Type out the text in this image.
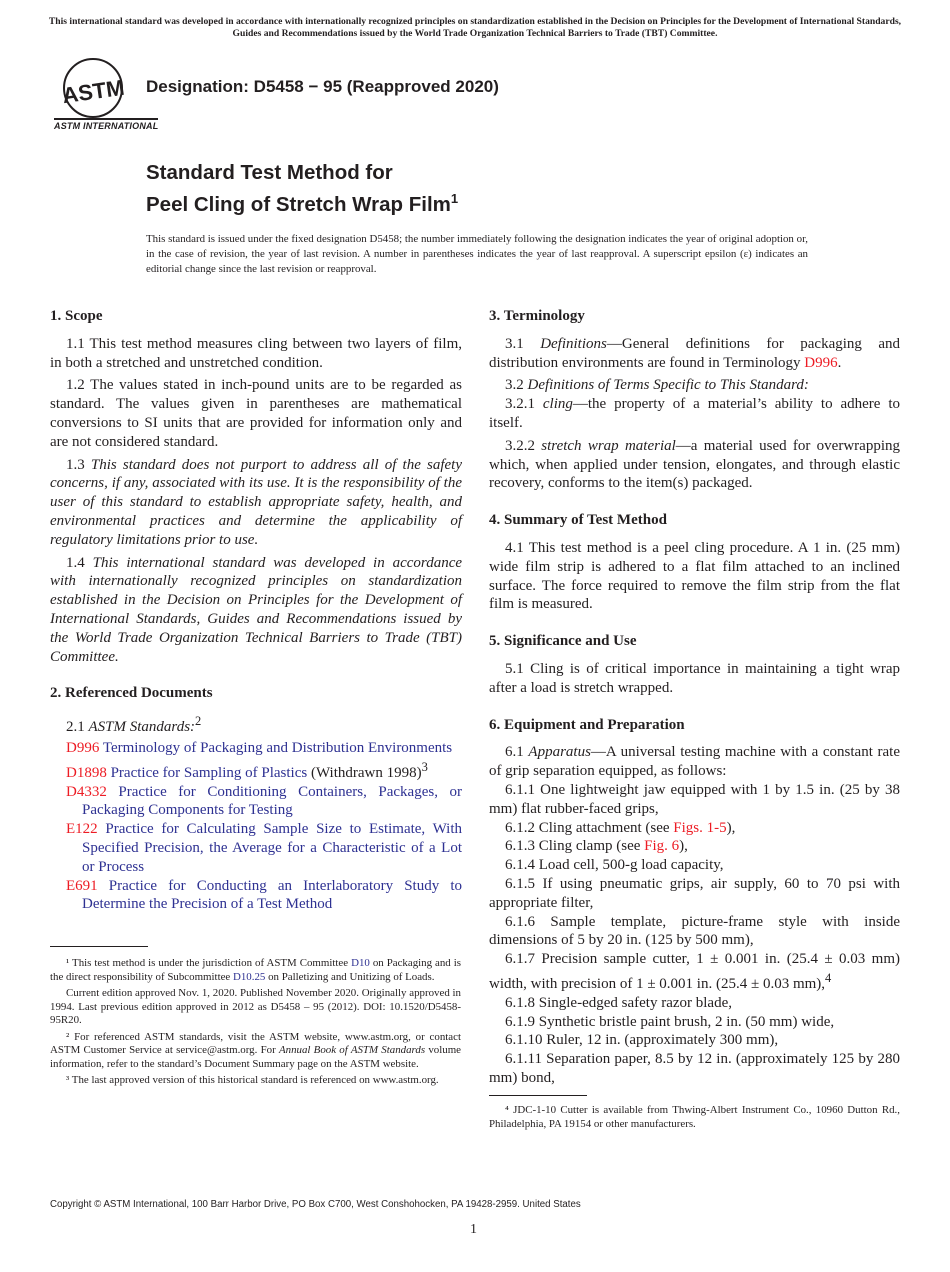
This international standard was developed in accordance with internationally recognized principles on standardization established in the Decision on Principles for the Development of International Standards, Guides and Recommendations issued by the World Trade Organization Technical Barriers to Trade (TBT) Committee.
ASTM
ASTM INTERNATIONAL
Designation: D5458 − 95 (Reapproved 2020)
Standard Test Method for
Peel Cling of Stretch Wrap Film$^1$
This standard is issued under the fixed designation D5458; the number immediately following the designation indicates the year of original adoption or, in the case of revision, the year of last revision. A number in parentheses indicates the year of last reapproval. A superscript epsilon (ε) indicates an editorial change since the last revision or reapproval.
1. Scope

1.1 This test method measures cling between two layers of film, in both a stretched and unstretched condition.

1.2 The values stated in inch-pound units are to be regarded as standard. The values given in parentheses are mathematical conversions to SI units that are provided for information only and are not considered standard.

1.3 This standard does not purport to address all of the safety concerns, if any, associated with its use. It is the responsibility of the user of this standard to establish appropriate safety, health, and environmental practices and determine the applicability of regulatory limitations prior to use.

1.4 This international standard was developed in accordance with internationally recognized principles on standardization established in the Decision on Principles for the Development of International Standards, Guides and Recommendations issued by the World Trade Organization Technical Barriers to Trade (TBT) Committee.

2. Referenced Documents

2.1 ASTM Standards:$^2$

D996 Terminology of Packaging and Distribution Environments
D1898 Practice for Sampling of Plastics (Withdrawn 1998)$^3$
D4332 Practice for Conditioning Containers, Packages, or Packaging Components for Testing
E122 Practice for Calculating Sample Size to Estimate, With Specified Precision, the Average for a Characteristic of a Lot or Process
E691 Practice for Conducting an Interlaboratory Study to Determine the Precision of a Test Method

¹ This test method is under the jurisdiction of ASTM Committee D10 on Packaging and is the direct responsibility of Subcommittee D10.25 on Palletizing and Unitizing of Loads.

Current edition approved Nov. 1, 2020. Published November 2020. Originally approved in 1994. Last previous edition approved in 2012 as D5458 – 95 (2012). DOI: 10.1520/D5458-95R20.

² For referenced ASTM standards, visit the ASTM website, www.astm.org, or contact ASTM Customer Service at service@astm.org. For Annual Book of ASTM Standards volume information, refer to the standard’s Document Summary page on the ASTM website.

³ The last approved version of this historical standard is referenced on www.astm.org.

3. Terminology

3.1 Definitions—General definitions for packaging and distribution environments are found in Terminology D996.

3.2 Definitions of Terms Specific to This Standard:

3.2.1 cling—the property of a material’s ability to adhere to itself.

3.2.2 stretch wrap material—a material used for overwrapping which, when applied under tension, elongates, and through elastic recovery, conforms to the item(s) packaged.

4. Summary of Test Method

4.1 This test method is a peel cling procedure. A 1 in. (25 mm) wide film strip is adhered to a flat film attached to an inclined surface. The force required to remove the film strip from the flat film is measured.

5. Significance and Use

5.1 Cling is of critical importance in maintaining a tight wrap after a load is stretch wrapped.

6. Equipment and Preparation

6.1 Apparatus—A universal testing machine with a constant rate of grip separation equipped, as follows:

6.1.1 One lightweight jaw equipped with 1 by 1.5 in. (25 by 38 mm) flat rubber-faced grips,

6.1.2 Cling attachment (see Figs. 1-5),

6.1.3 Cling clamp (see Fig. 6),

6.1.4 Load cell, 500-g load capacity,

6.1.5 If using pneumatic grips, air supply, 60 to 70 psi with appropriate filter,

6.1.6 Sample template, picture-frame style with inside dimensions of 5 by 20 in. (125 by 500 mm),

6.1.7 Precision sample cutter, 1 ± 0.001 in. (25.4 ± 0.03 mm) width, with precision of 1 ± 0.001 in. (25.4 ± 0.03 mm),$^4$

6.1.8 Single-edged safety razor blade,

6.1.9 Synthetic bristle paint brush, 2 in. (50 mm) wide,

6.1.10 Ruler, 12 in. (approximately 300 mm),

6.1.11 Separation paper, 8.5 by 12 in. (approximately 125 by 280 mm) bond,

⁴ JDC-1-10 Cutter is available from Thwing-Albert Instrument Co., 10960 Dutton Rd., Philadelphia, PA 19154 or other manufacturers.

Copyright © ASTM International, 100 Barr Harbor Drive, PO Box C700, West Conshohocken, PA 19428-2959. United States
1
